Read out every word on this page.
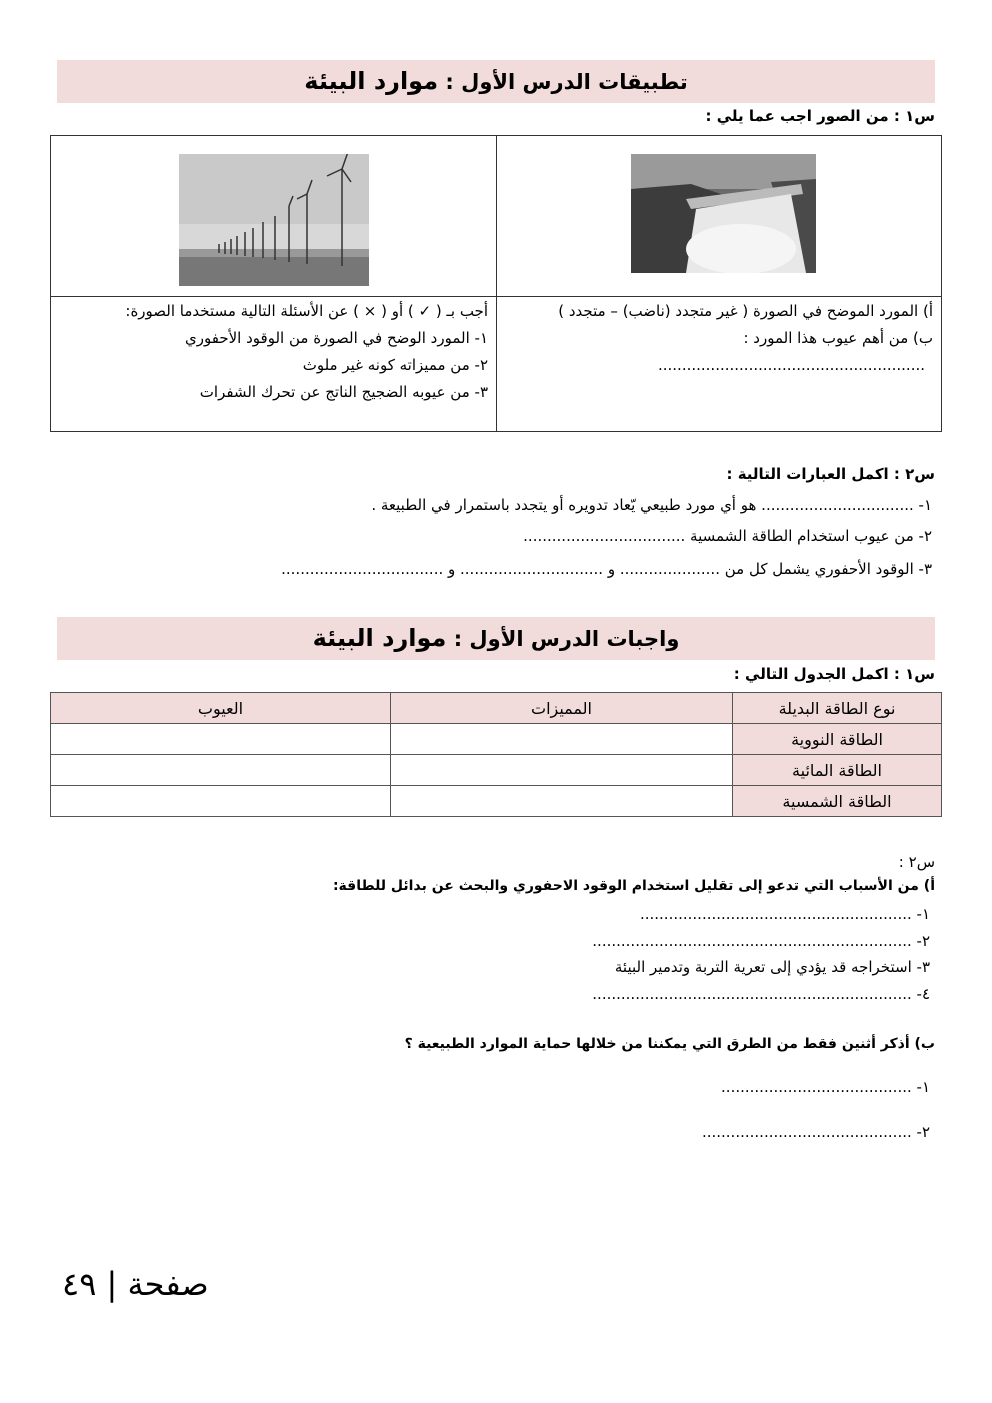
تطبيقات الدرس الأول : موارد البيئة
س١ : من الصور اجب عما يلي :
أ) المورد الموضح في الصورة ( غير متجدد (ناضب) – متجدد )
ب) من أهم عيوب هذا المورد :
........................................................
أجب بـ ( ✓ ) أو ( × ) عن الأسئلة التالية مستخدما الصورة:
١- المورد الوضح في الصورة من الوقود الأحفوري
٢- من مميزاته كونه غير ملوث
٣- من عيوبه الضجيج الناتج عن تحرك الشفرات
س٢ : اكمل العبارات التالية :
١- ................................ هو أي مورد طبيعي يّعاد تدويره أو يتجدد باستمرار في الطبيعة .
٢- من عيوب استخدام الطاقة الشمسية ..................................
٣- الوقود الأحفوري يشمل كل من ..................... و .............................. و ..................................
واجبات الدرس الأول : موارد البيئة
س١ : اكمل الجدول التالي :
نوع الطاقة البديلة	المميزات	العيوب
الطاقة النووية		
الطاقة المائية		
الطاقة الشمسية		
س٢ :
أ) من الأسباب التي تدعو إلى تقليل استخدام الوقود الاحفوري والبحث عن بدائل للطاقة:
١- .........................................................
٢- ...................................................................
٣- استخراجه قد يؤدي إلى تعرية التربة وتدمير البيئة
٤- ...................................................................
ب) أذكر أثنين فقط من الطرق التي يمكننا من خلالها حماية الموارد الطبيعية ؟
١- ........................................
٢- ............................................
صفحة | ٤٩
